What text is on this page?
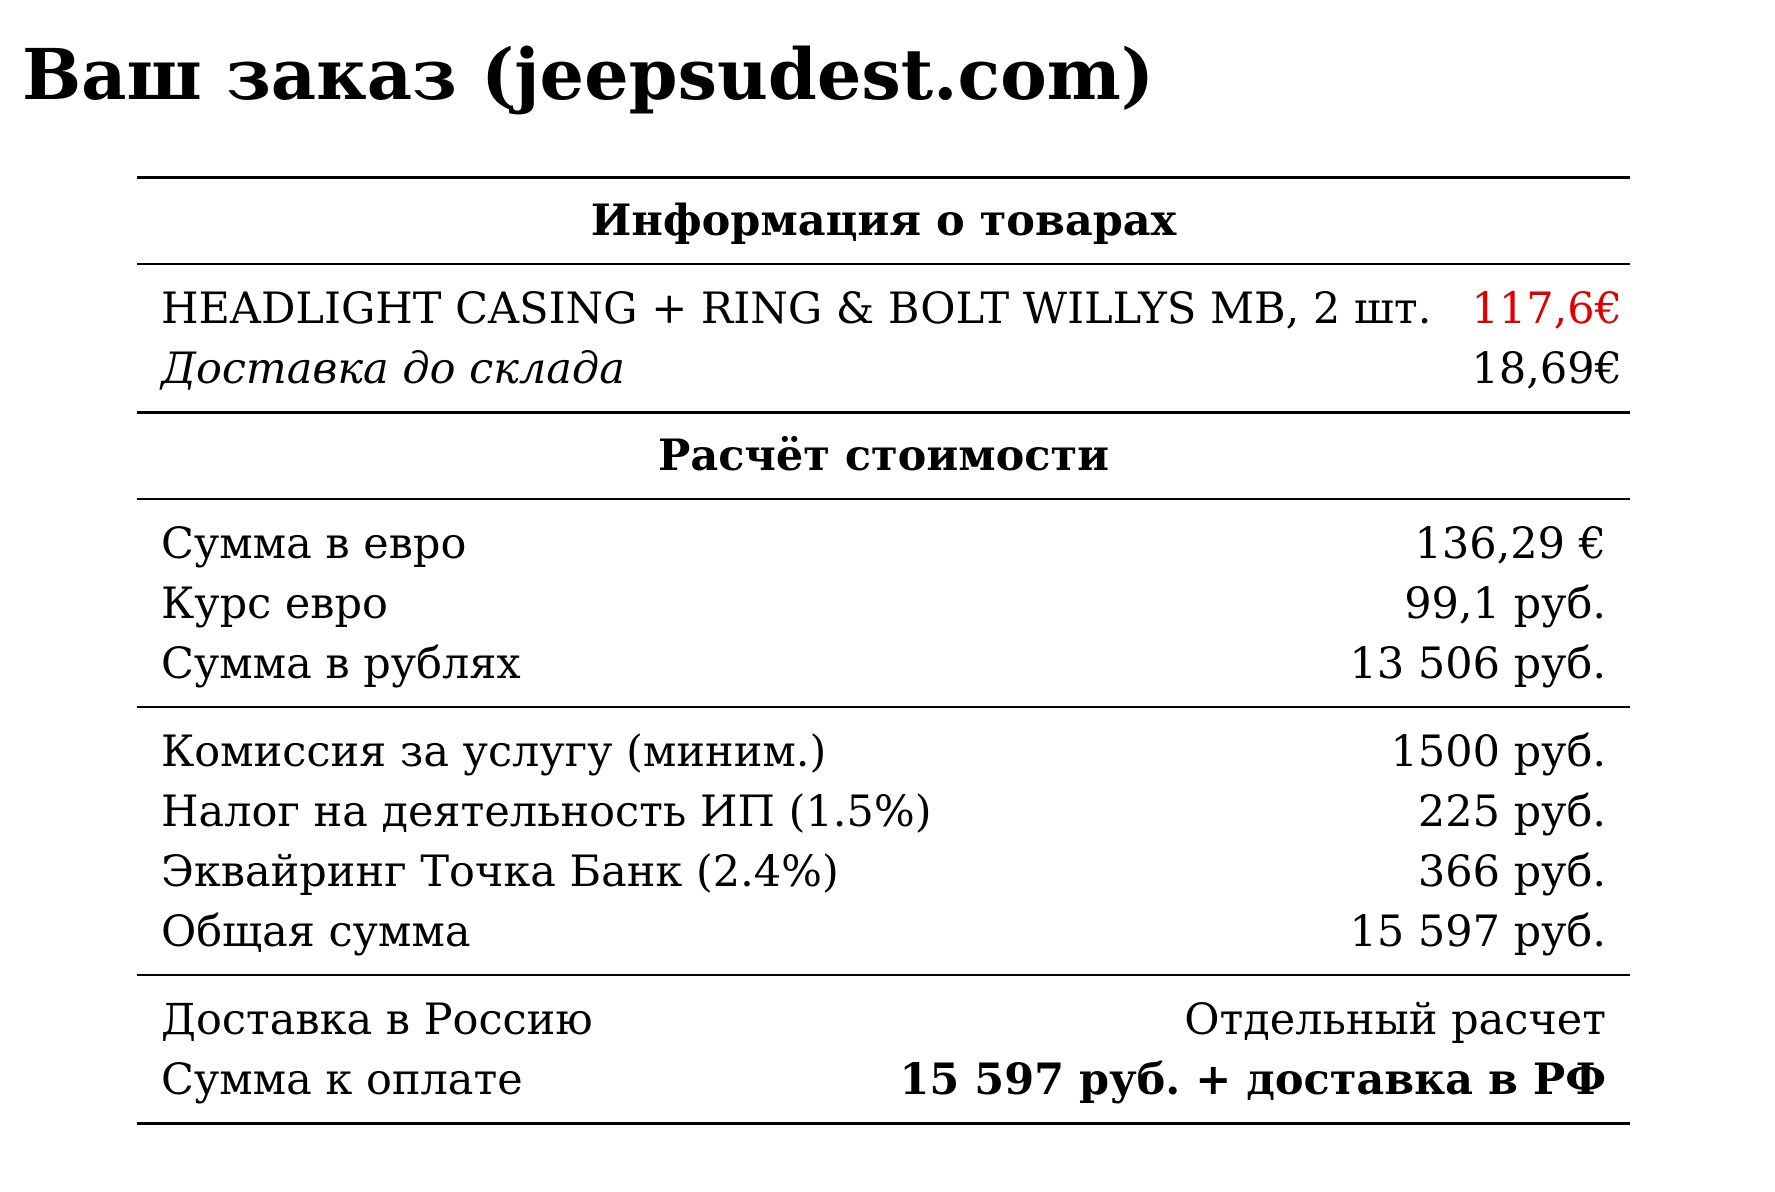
Ваш заказ (jeepsudest.com)
Информация о товарах
HEADLIGHT CASING + RING & BOLT WILLYS MB, 2 шт. 117,6€
Доставка до склада	18,69€
Расчёт стоимости
Сумма в евро	136,29 €
Курс евро	99,1 руб.
Сумма в рублях	13 506 руб.
Комиссия за услугу (миним.)	1500 руб.
Налог на деятельность ИП (1.5%)	225 руб.
Эквайринг Точка Банк (2.4%)	366 руб.
Общая сумма	15 597 руб.
Доставка в Россию	Отдельный расчет
Сумма к оплате	15 597 руб. + доставка в РФ
